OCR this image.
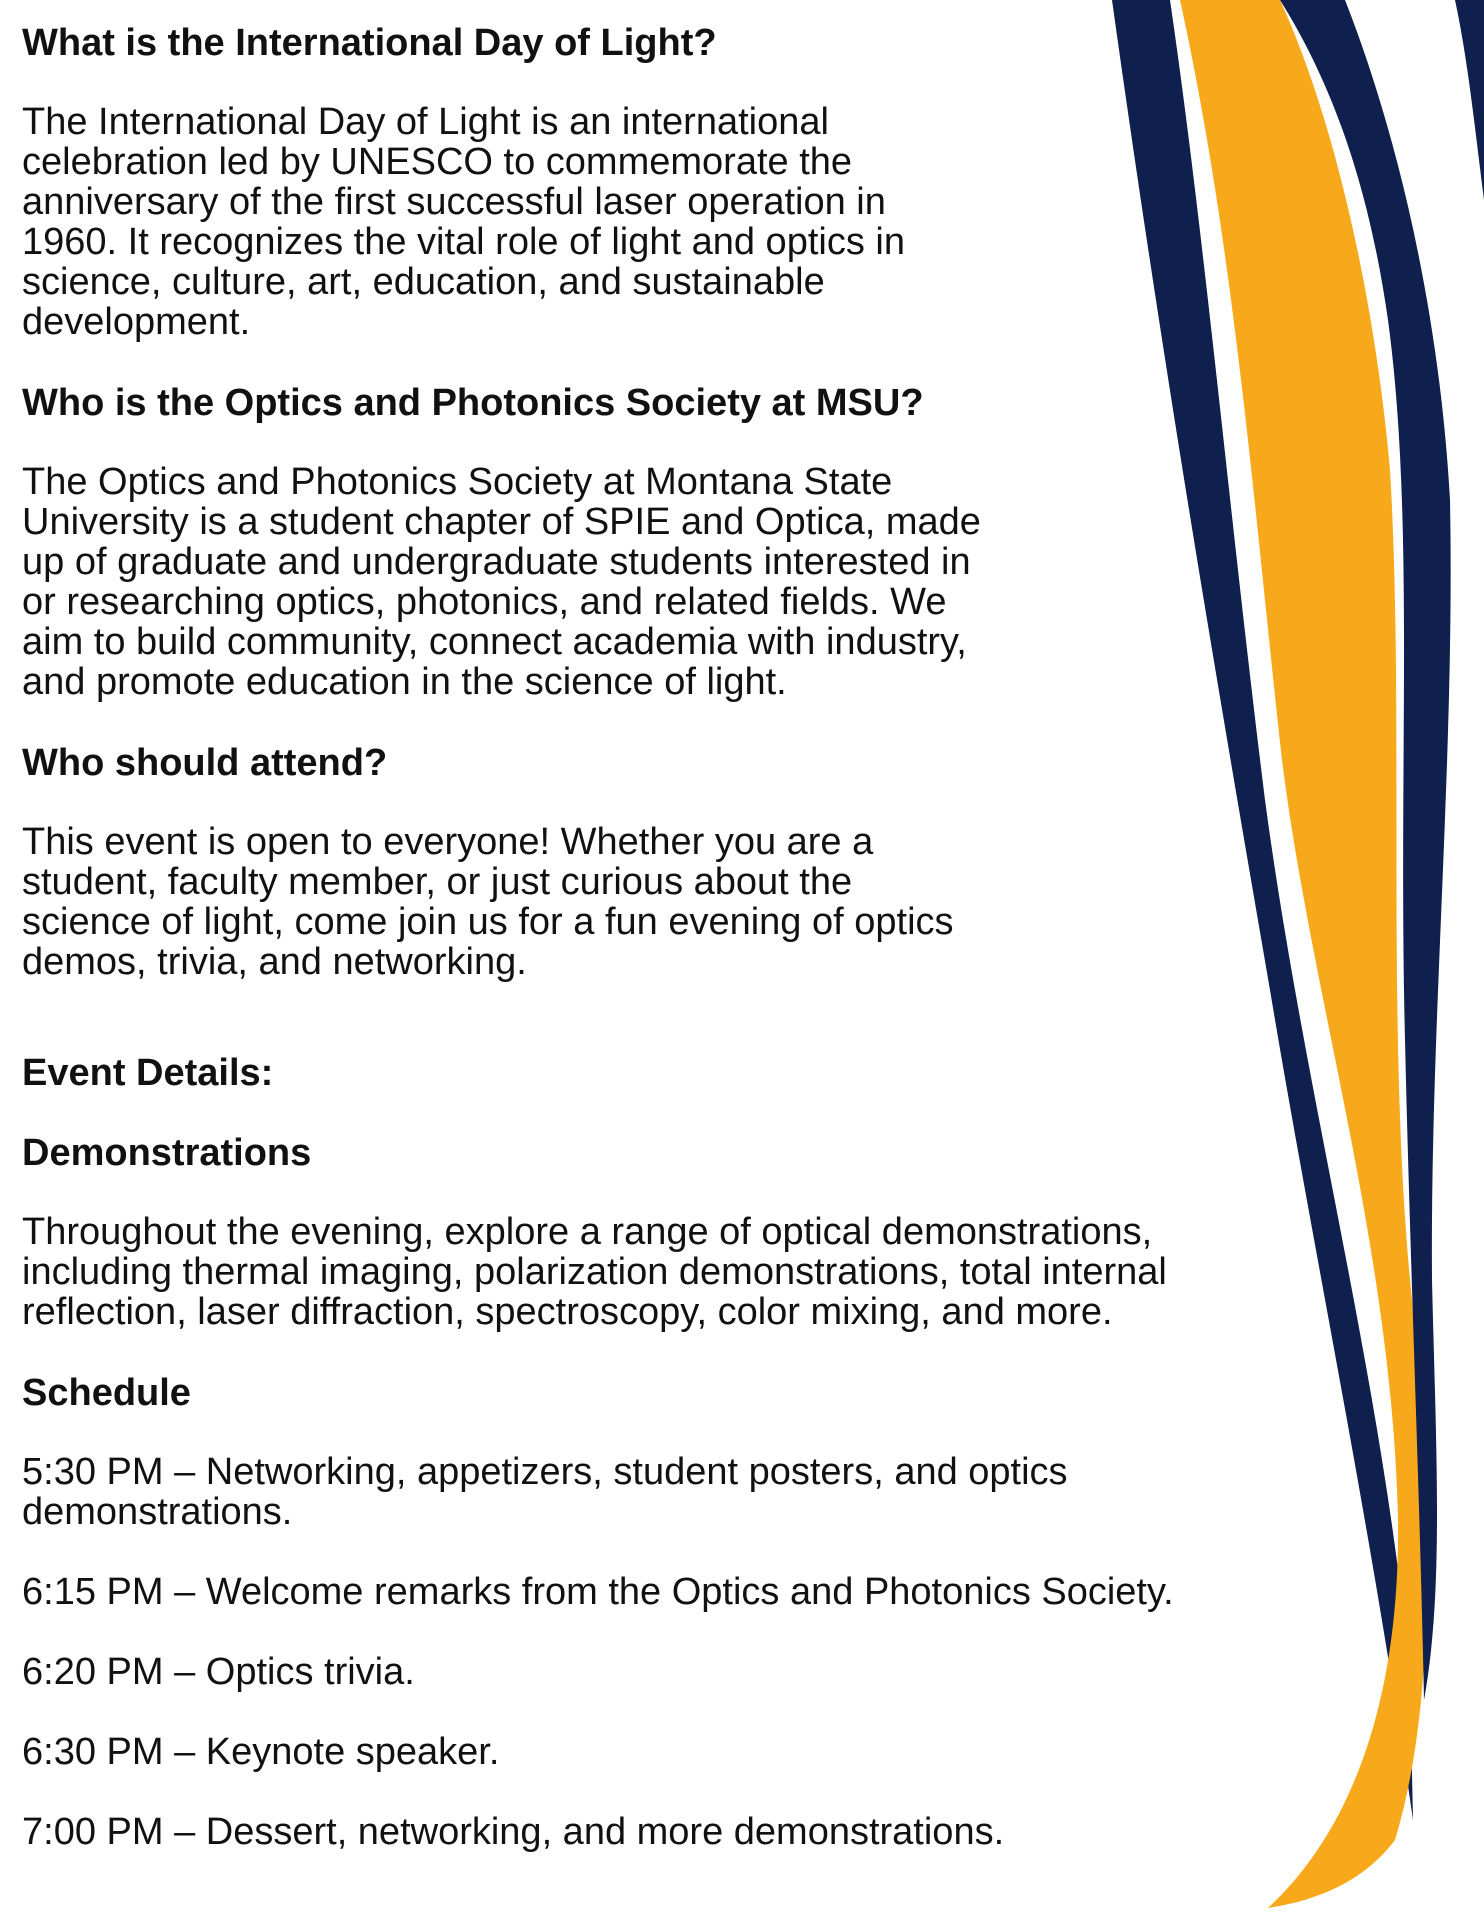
What is the International Day of Light?

The International Day of Light is an international
celebration led by UNESCO to commemorate the
anniversary of the first successful laser operation in
1960. It recognizes the vital role of light and optics in
science, culture, art, education, and sustainable
development.

Who is the Optics and Photonics Society at MSU?

The Optics and Photonics Society at Montana State
University is a student chapter of SPIE and Optica, made
up of graduate and undergraduate students interested in
or researching optics, photonics, and related fields. We
aim to build community, connect academia with industry,
and promote education in the science of light.

Who should attend?

This event is open to everyone! Whether you are a
student, faculty member, or just curious about the
science of light, come join us for a fun evening of optics
demos, trivia, and networking.

Event Details:
Demonstrations

Throughout the evening, explore a range of optical demonstrations,
including thermal imaging, polarization demonstrations, total internal
reflection, laser diffraction, spectroscopy, color mixing, and more.

Schedule

5:30 PM – Networking, appetizers, student posters, and optics
demonstrations.

6:15 PM – Welcome remarks from the Optics and Photonics Society.

6:20 PM – Optics trivia.

6:30 PM – Keynote speaker.

7:00 PM – Dessert, networking, and more demonstrations.
